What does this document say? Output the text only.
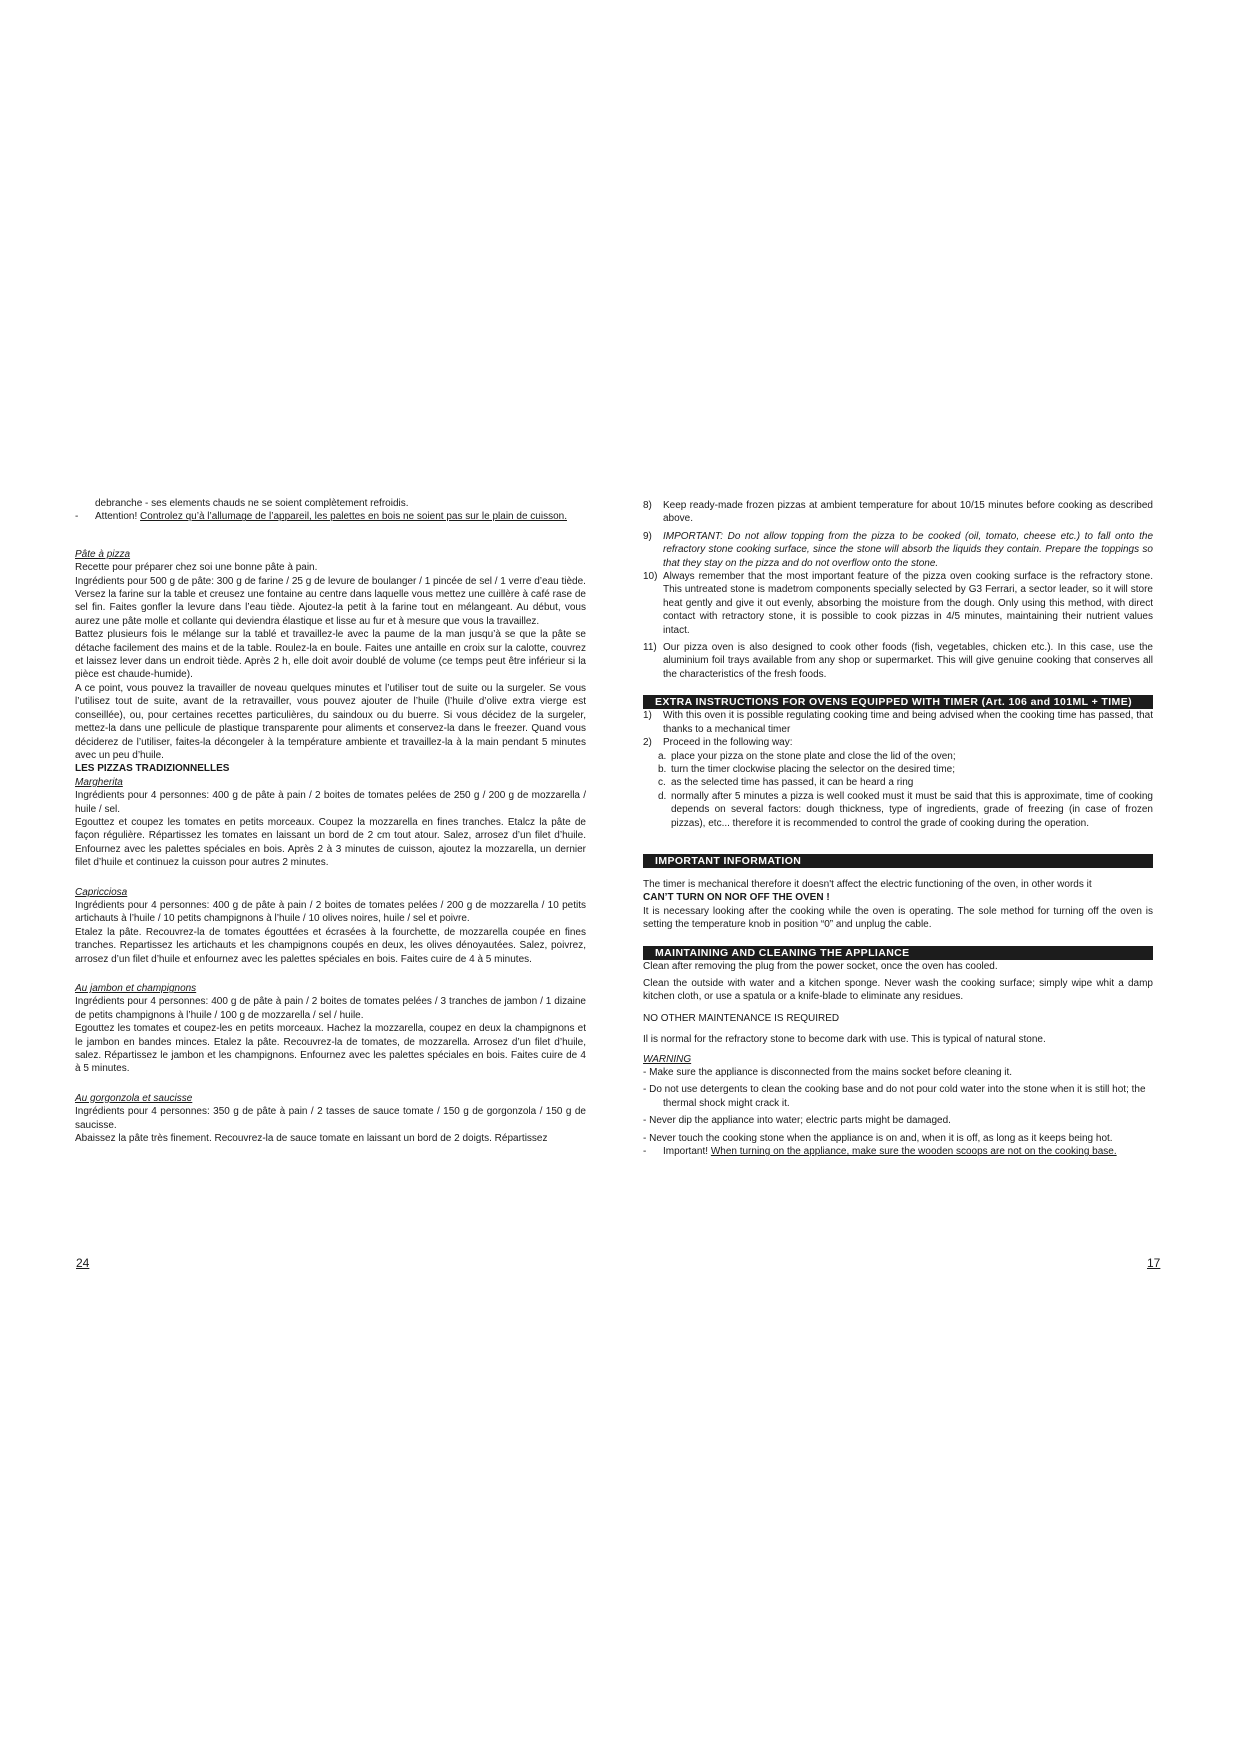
debranche - ses elements chauds ne se soient complètement refroidis.

- Attention! Controlez qu’à l’allumage de l’appareil, les palettes en bois ne soient pas sur le plain de cuisson.

Pâte à pizza

Recette pour préparer chez soi une bonne pâte à pain.

Ingrédients pour 500 g de pâte: 300 g de farine / 25 g de levure de boulanger / 1 pincée de sel / 1 verre d’eau tiède.

Versez la farine sur la table et creusez une fontaine au centre dans laquelle vous mettez une cuillère à café rase de sel fin. Faites gonfler la levure dans l’eau tiède. Ajoutez-la petit à la farine tout en mélangeant. Au début, vous aurez une pâte molle et collante qui deviendra élastique et lisse au fur et à mesure que vous la travaillez.

Battez plusieurs fois le mélange sur la tablé et travaillez-le avec la paume de la man jusqu’à se que la pâte se détache facilement des mains et de la table. Roulez-la en boule. Faites une antaille en croix sur la calotte, couvrez et laissez lever dans un endroit tiède. Après 2 h, elle doit avoir doublé de volume (ce temps peut être inférieur si la pièce est chaude-humide).

A ce point, vous pouvez la travailler de noveau quelques minutes et l’utiliser tout de suite ou la surgeler. Se vous l’utilisez tout de suite, avant de la retravailler, vous pouvez ajouter de l’huile (l’huile d’olive extra vierge est conseillée), ou, pour certaines recettes particulières, du saindoux ou du buerre. Si vous décidez de la surgeler, mettez-la dans une pellicule de plastique transparente pour aliments et conservez-la dans le freezer. Quand vous déciderez de l’utiliser, faites-la décongeler à la température ambiente et travaillez-la à la main pendant 5 minutes avec un peu d’huile.

LES PIZZAS TRADIZIONNELLES

Margherita

Ingrédients pour 4 personnes: 400 g de pâte à pain / 2 boites de tomates pelées de 250 g / 200 g de mozzarella / huile / sel.

Egouttez et coupez les tomates en petits morceaux. Coupez la mozzarella en fines tranches. Etalcz la pâte de façon régulière. Répartissez les tomates en laissant un bord de 2 cm tout atour. Salez, arrosez d’un filet d’huile. Enfournez avec les palettes spéciales en bois. Après 2 à 3 minutes de cuisson, ajoutez la mozzarella, un dernier filet d’huile et continuez la cuisson pour autres 2 minutes.

Capricciosa

Ingrédients pour 4 personnes: 400 g de pâte à pain / 2 boites de tomates pelées / 200 g de mozzarella / 10 petits artichauts à l’huile / 10 petits champignons à l’huile / 10 olives noires, huile / sel et poivre.

Etalez la pâte. Recouvrez-la de tomates égouttées et écrasées à la fourchette, de mozzarella coupée en fines tranches. Repartissez les artichauts et les champignons coupés en deux, les olives dénoyautées. Salez, poivrez, arrosez d’un filet d’huile et enfournez avec les palettes spéciales en bois. Faites cuire de 4 à 5 minutes.

Au jambon et champignons

Ingrédients pour 4 personnes: 400 g de pâte à pain / 2 boites de tomates pelées / 3 tranches de jambon / 1 dizaine de petits champignons à l’huile / 100 g de mozzarella / sel / huile.

Egouttez les tomates et coupez-les en petits morceaux. Hachez la mozzarella, coupez en deux la champignons et le jambon en bandes minces. Etalez la pâte. Recouvrez-la de tomates, de mozzarella. Arrosez d’un filet d’huile, salez. Répartissez le jambon et les champignons. Enfournez avec les palettes spéciales en bois. Faites cuire de 4 à 5 minutes.

Au gorgonzola et saucisse

Ingrédients pour 4 personnes: 350 g de pâte à pain / 2 tasses de sauce tomate / 150 g de gorgonzola / 150 g de saucisse.

Abaissez la pâte très finement. Recouvrez-la de sauce tomate en laissant un bord de 2 doigts. Répartissez

24
8) Keep ready-made frozen pizzas at ambient temperature for about 10/15 minutes before cooking as described above.
9) IMPORTANT: Do not allow topping from the pizza to be cooked (oil, tomato, cheese etc.) to fall onto the refractory stone cooking surface, since the stone will absorb the liquids they contain. Prepare the toppings so that they stay on the pizza and do not overflow onto the stone.
10) Always remember that the most important feature of the pizza oven cooking surface is the refractory stone. This untreated stone is madetrom components specially selected by G3 Ferrari, a sector leader, so it will store heat gently and give it out evenly, absorbing the moisture from the dough. Only using this method, with direct contact with retractory stone, it is possible to cook pizzas in 4/5 minutes, maintaining their nutrient values intact.
11) Our pizza oven is also designed to cook other foods (fish, vegetables, chicken etc.). In this case, use the aluminium foil trays available from any shop or supermarket. This will give genuine cooking that conserves all the characteristics of the fresh foods.
EXTRA INSTRUCTIONS FOR OVENS EQUIPPED WITH TIMER (Art. 106 and 101ML + TIME)
1) With this oven it is possible regulating cooking time and being advised when the cooking time has passed, that thanks to a mechanical timer
2) Proceed in the following way:
a. place your pizza on the stone plate and close the lid of the oven;
b. turn the timer clockwise placing the selector on the desired time;
c. as the selected time has passed, it can be heard a ring
d. normally after 5 minutes a pizza is well cooked must it must be said that this is approximate, time of cooking depends on several factors: dough thickness, type of ingredients, grade of freezing (in case of frozen pizzas), etc... therefore it is recommended to control the grade of cooking during the operation.
IMPORTANT INFORMATION

The timer is mechanical therefore it doesn't affect the electric functioning of the oven, in other words it

CAN’T TURN ON NOR OFF THE OVEN !

It is necessary looking after the cooking while the oven is operating. The sole method for turning off the oven is setting the temperature knob in position “0” and unplug the cable.

MAINTAINING AND CLEANING THE APPLIANCE

Clean after removing the plug from the power socket, once the oven has cooled.

Clean the outside with water and a kitchen sponge. Never wash the cooking surface; simply wipe whit a damp kitchen cloth, or use a spatula or a knife-blade to eliminate any residues.

NO OTHER MAINTENANCE IS REQUIRED

Il is normal for the refractory stone to become dark with use. This is typical of natural stone.

WARNING

- Make sure the appliance is disconnected from the mains socket before cleaning it.

- Do not use detergents to clean the cooking base and do not pour cold water into the stone when it is still hot; the thermal shock might crack it.

- Never dip the appliance into water; electric parts might be damaged.

- Never touch the cooking stone when the appliance is on and, when it is off, as long as it keeps being hot.

- Important! When turning on the appliance, make sure the wooden scoops are not on the cooking base.

17
